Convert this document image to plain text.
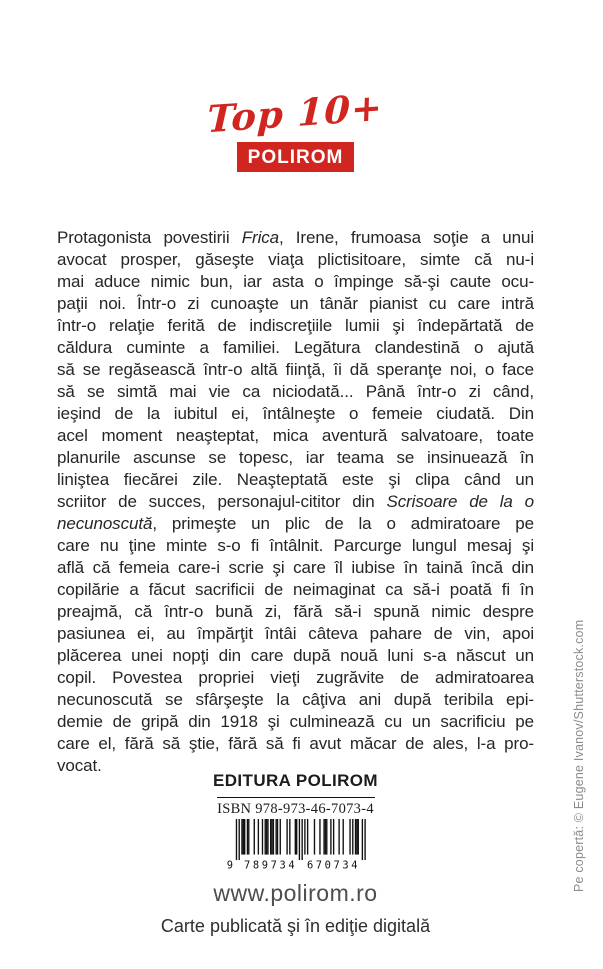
Top 10+
POLIROM
Protagonista povestirii Frica, Irene, frumoasa soţie a unui
avocat prosper, găseşte viaţa plictisitoare, simte că nu-i
mai aduce nimic bun, iar asta o împinge să-şi caute ocu-
paţii noi. Într-o zi cunoaşte un tânăr pianist cu care intră
într-o relaţie ferită de indiscreţiile lumii şi îndepărtată de
căldura cuminte a familiei. Legătura clandestină o ajută
să se regăsească într-o altă fiinţă, îi dă speranţe noi, o face
să se simtă mai vie ca niciodată... Până într-o zi când,
ieşind de la iubitul ei, întâlneşte o femeie ciudată. Din
acel moment neaşteptat, mica aventură salvatoare, toate
planurile ascunse se topesc, iar teama se insinuează în
liniştea fiecărei zile. Neaşteptată este şi clipa când un
scriitor de succes, personajul-cititor din Scrisoare de la o
necunoscută, primeşte un plic de la o admiratoare pe
care nu ţine minte s-o fi întâlnit. Parcurge lungul mesaj şi
află că femeia care-i scrie şi care îl iubise în taină încă din
copilărie a făcut sacrificii de neimaginat ca să-i poată fi în
preajmă, că într-o bună zi, fără să-i spună nimic despre
pasiunea ei, au împărţit întâi câteva pahare de vin, apoi
plăcerea unei nopţi din care după nouă luni s-a născut un
copil. Povestea propriei vieţi zugrăvite de admiratoarea
necunoscută se sfârşeşte la câţiva ani după teribila epi-
demie de gripă din 1918 şi culminează cu un sacrificiu pe
care el, fără să ştie, fără să fi avut măcar de ales, l-a pro-
vocat.
EDITURA POLIROM
ISBN 978-973-46-7073-4
9 789734 670734
www.polirom.ro
Carte publicată şi în ediţie digitală
Pe copertă: © Eugene Ivanov/Shutterstock.com
